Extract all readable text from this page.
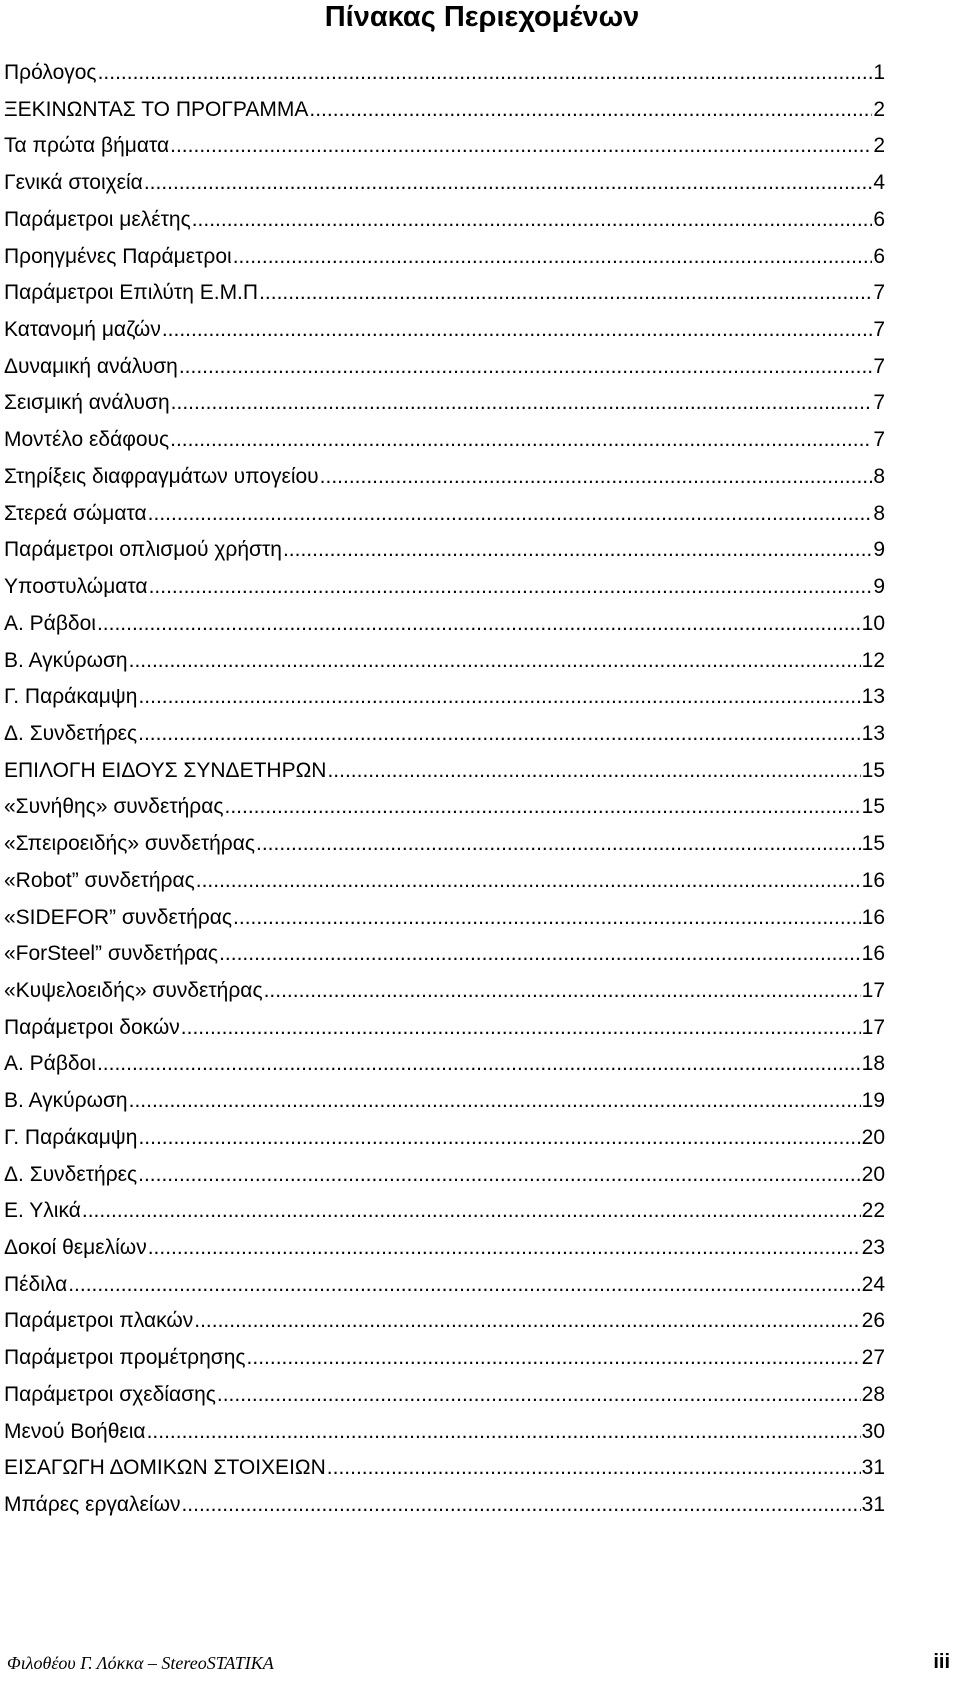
Πίνακας Περιεχομένων
Πρόλογος .....	1
ΞΕΚΙΝΩΝΤΑΣ ΤΟ ΠΡΟΓΡΑΜΜΑ .....	2
Τα πρώτα βήματα .....	2
Γενικά στοιχεία .....	4
Παράμετροι μελέτης .....	6
Προηγμένες Παράμετροι .....	6
Παράμετροι Επιλύτη Ε.Μ.Π .....	7
Κατανομή μαζών .....	7
Δυναμική ανάλυση .....	7
Σεισμική ανάλυση .....	7
Μοντέλο εδάφους .....	7
Στηρίξεις διαφραγμάτων υπογείου .....	8
Στερεά σώματα .....	8
Παράμετροι οπλισμού χρήστη .....	9
Υποστυλώματα .....	9
Α. Ράβδοι .....	10
Β. Αγκύρωση .....	12
Γ. Παράκαμψη .....	13
Δ. Συνδετήρες .....	13
ΕΠΙΛΟΓΗ ΕΙΔΟΥΣ ΣΥΝΔΕΤΗΡΩΝ .....	15
«Συνήθης» συνδετήρας .....	15
«Σπειροειδής» συνδετήρας .....	15
«Robot” συνδετήρας .....	16
«SIDEFOR” συνδετήρας .....	16
«ForSteel” συνδετήρας .....	16
«Κυψελοειδής» συνδετήρας .....	17
Παράμετροι δοκών .....	17
Α. Ράβδοι .....	18
Β. Αγκύρωση .....	19
Γ. Παράκαμψη .....	20
Δ. Συνδετήρες .....	20
Ε. Υλικά .....	22
Δοκοί θεμελίων .....	23
Πέδιλα .....	24
Παράμετροι πλακών .....	26
Παράμετροι προμέτρησης .....	27
Παράμετροι σχεδίασης .....	28
Μενού Βοήθεια .....	30
ΕΙΣΑΓΩΓΗ ΔΟΜΙΚΩΝ ΣΤΟΙΧΕΙΩΝ .....	31
Μπάρες εργαλείων .....	31
Φιλοθέου Γ. Λόκκα – StereoSTATIKA	iii
